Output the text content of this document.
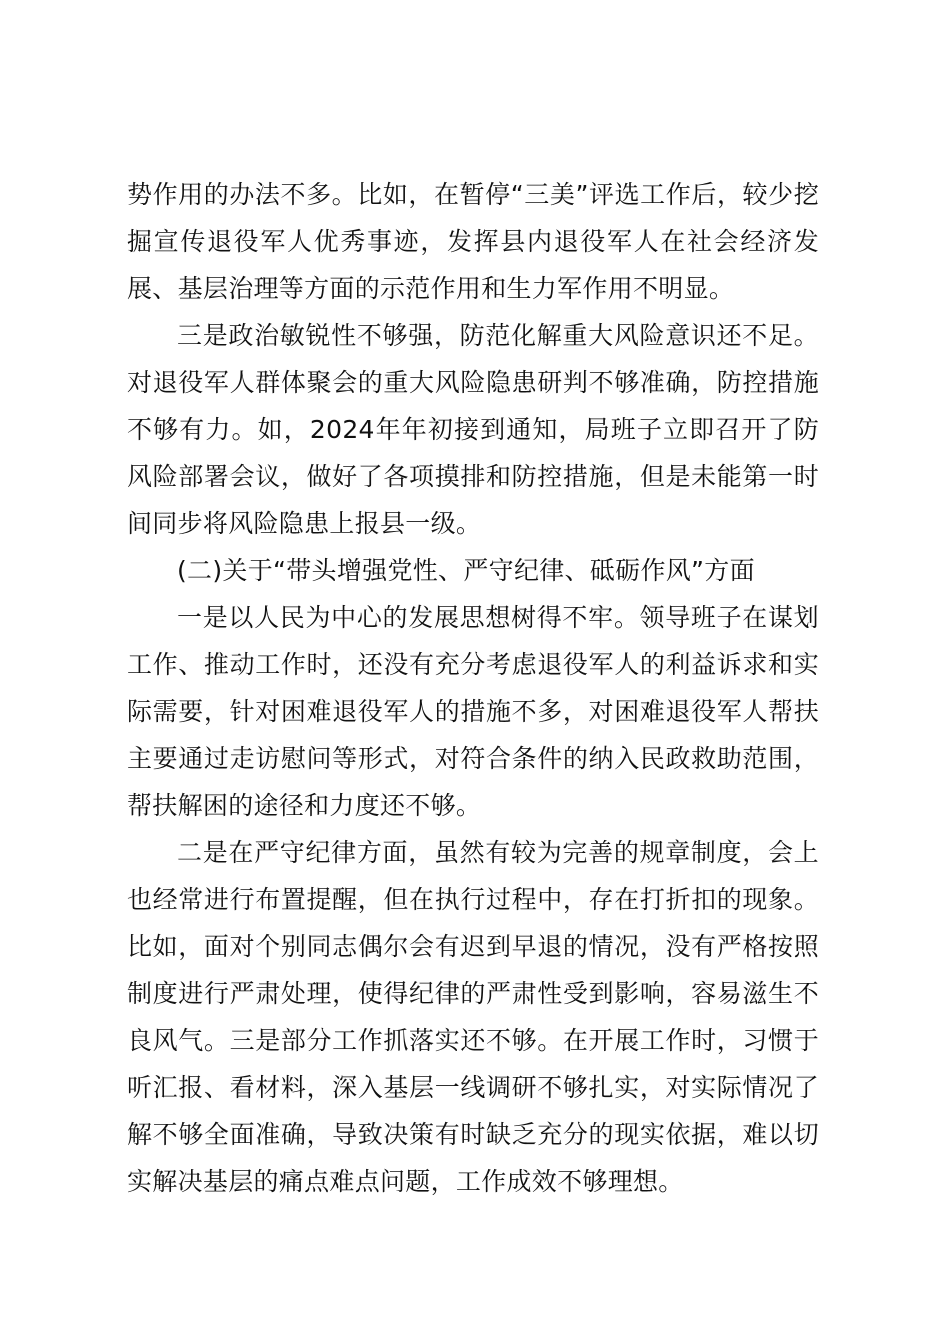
势作用的办法不多。比如，在暂停“三美”评选工作后，较少挖掘宣传退役军人优秀事迹，发挥县内退役军人在社会经济发展、基层治理等方面的示范作用和生力军作用不明显。

三是政治敏锐性不够强，防范化解重大风险意识还不足。对退役军人群体聚会的重大风险隐患研判不够准确，防控措施不够有力。如，2024年年初接到通知，局班子立即召开了防风险部署会议，做好了各项摸排和防控措施，但是未能第一时间同步将风险隐患上报县一级。

(二)关于“带头增强党性、严守纪律、砥砺作风”方面

一是以人民为中心的发展思想树得不牢。领导班子在谋划工作、推动工作时，还没有充分考虑退役军人的利益诉求和实际需要，针对困难退役军人的措施不多，对困难退役军人帮扶主要通过走访慰问等形式，对符合条件的纳入民政救助范围，帮扶解困的途径和力度还不够。

二是在严守纪律方面，虽然有较为完善的规章制度，会上也经常进行布置提醒，但在执行过程中，存在打折扣的现象。比如，面对个别同志偶尔会有迟到早退的情况，没有严格按照制度进行严肃处理，使得纪律的严肃性受到影响，容易滋生不良风气。三是部分工作抓落实还不够。在开展工作时，习惯于听汇报、看材料，深入基层一线调研不够扎实，对实际情况了解不够全面准确，导致决策有时缺乏充分的现实依据，难以切实解决基层的痛点难点问题，工作成效不够理想。
